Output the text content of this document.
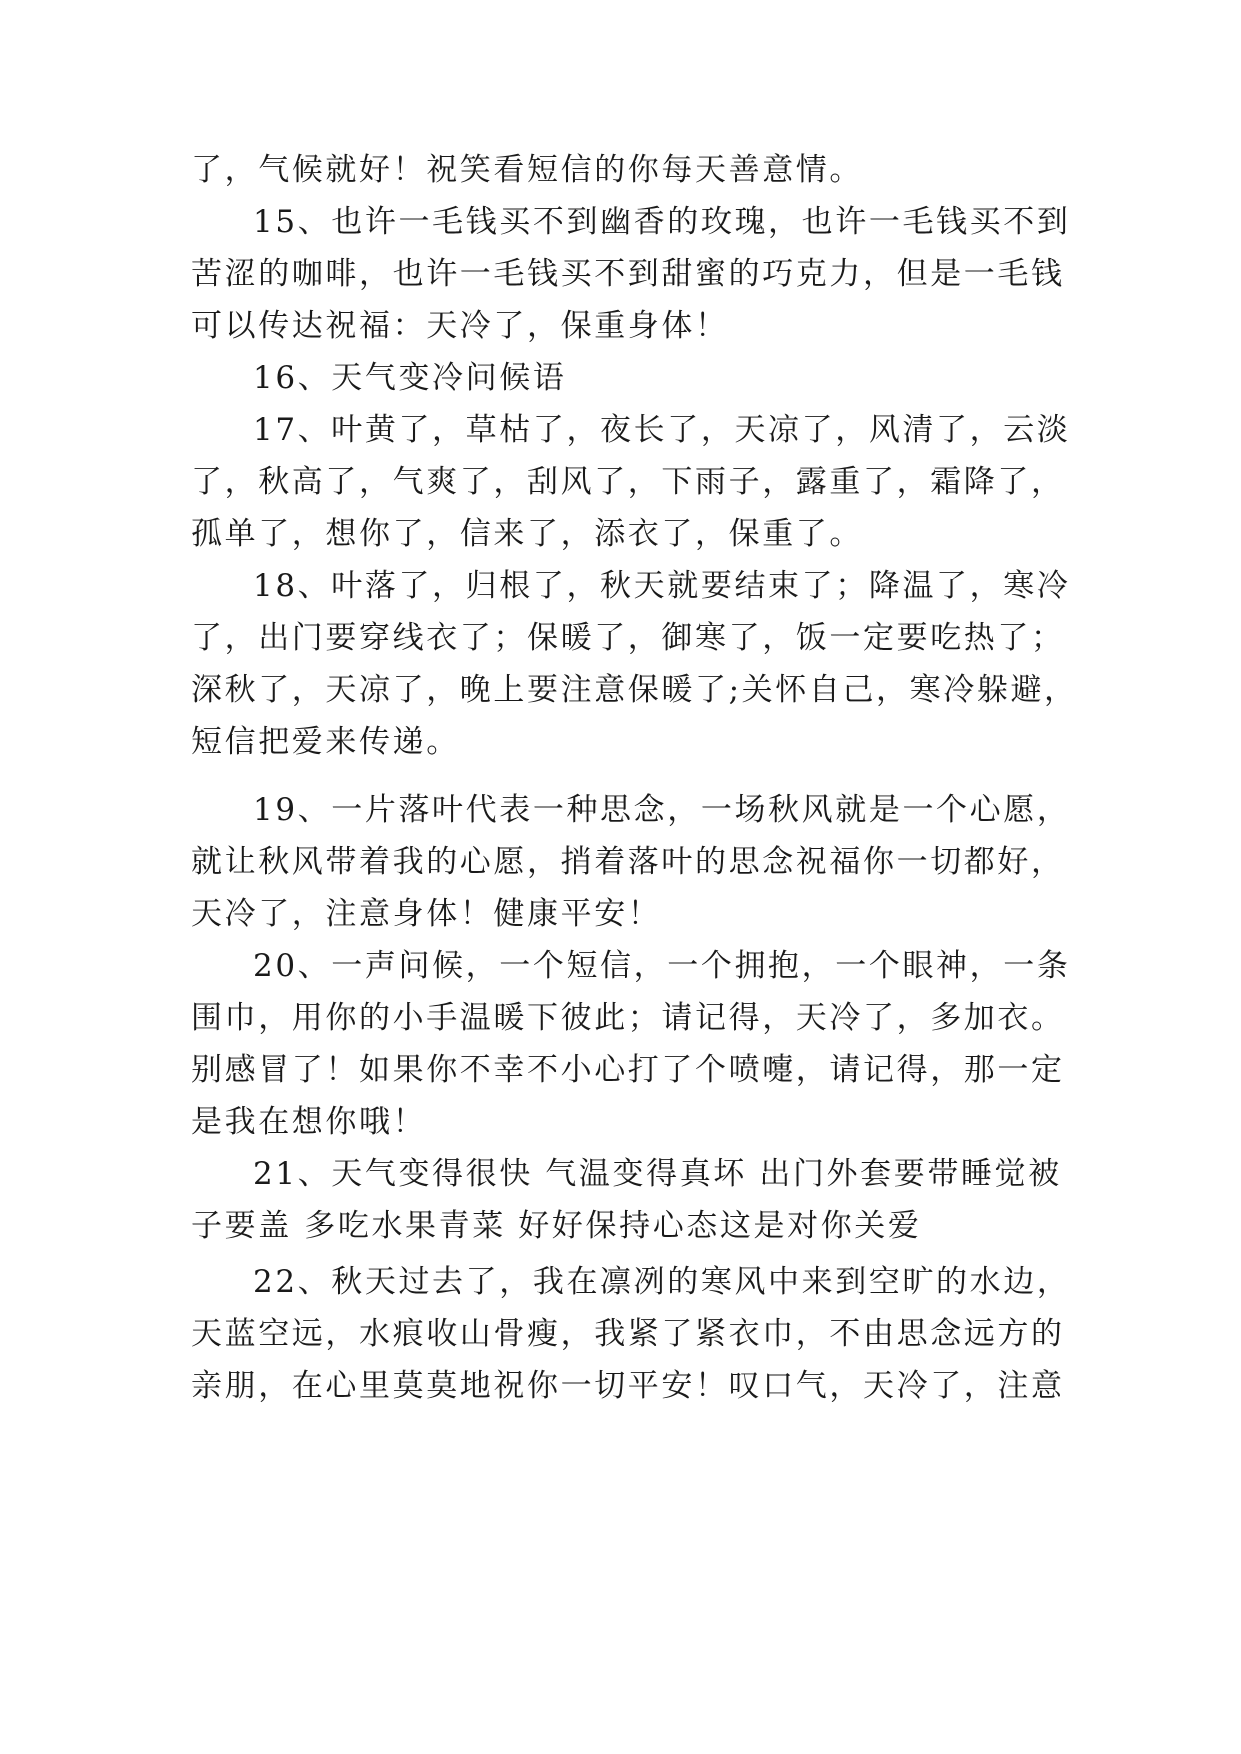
了，气候就好！祝笑看短信的你每天善意情。
15、也许一毛钱买不到幽香的玫瑰，也许一毛钱买不到
苦涩的咖啡，也许一毛钱买不到甜蜜的巧克力，但是一毛钱
可以传达祝福：天冷了，保重身体！
16、天气变冷问候语
17、叶黄了，草枯了，夜长了，天凉了，风清了，云淡
了，秋高了，气爽了，刮风了，下雨子，露重了，霜降了，
孤单了，想你了，信来了，添衣了，保重了。
18、叶落了，归根了，秋天就要结束了；降温了，寒冷
了，出门要穿线衣了；保暖了，御寒了，饭一定要吃热了；
深秋了，天凉了，晚上要注意保暖了;关怀自己，寒冷躲避，
短信把爱来传递。
19、一片落叶代表一种思念，一场秋风就是一个心愿，
就让秋风带着我的心愿，捎着落叶的思念祝福你一切都好，
天冷了，注意身体！健康平安！
20、一声问候，一个短信，一个拥抱，一个眼神，一条
围巾，用你的小手温暖下彼此；请记得，天冷了，多加衣。
别感冒了！如果你不幸不小心打了个喷嚏，请记得，那一定
是我在想你哦！
21、天气变得很快 气温变得真坏 出门外套要带睡觉被
子要盖 多吃水果青菜 好好保持心态这是对你关爱
22、秋天过去了，我在凛冽的寒风中来到空旷的水边，
天蓝空远，水痕收山骨瘦，我紧了紧衣巾，不由思念远方的
亲朋，在心里莫莫地祝你一切平安！叹口气，天冷了，注意
